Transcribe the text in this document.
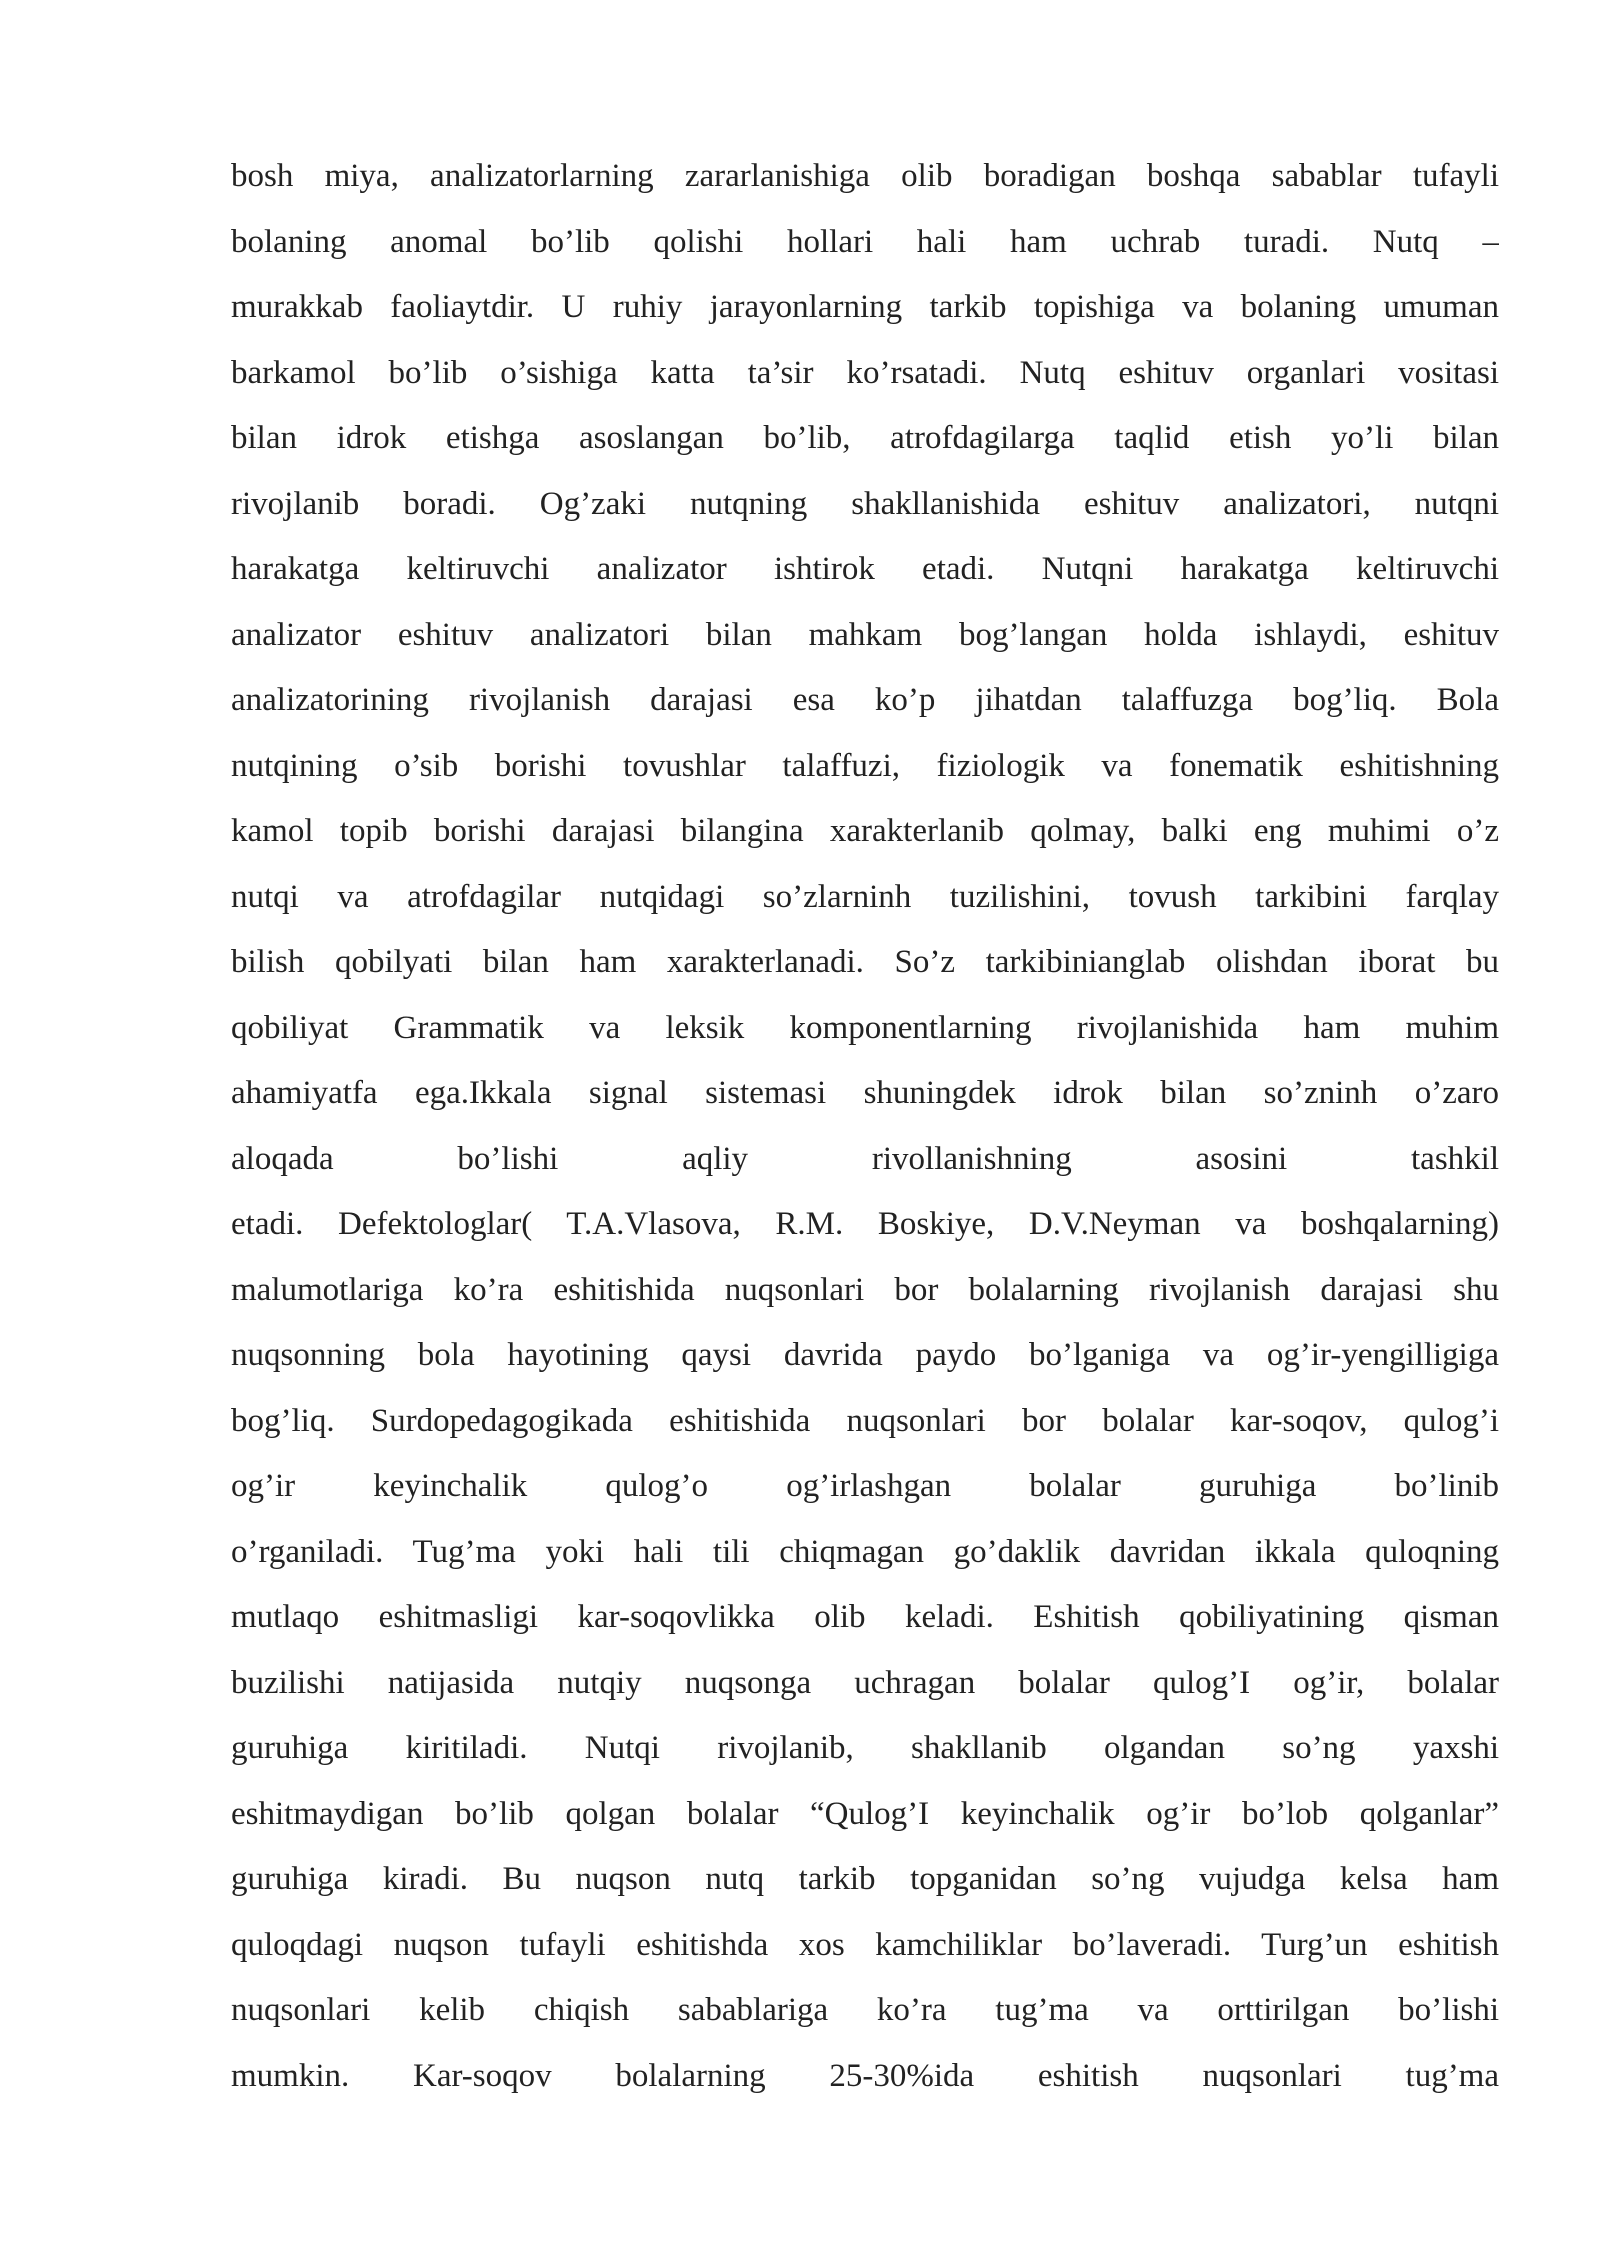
bosh miya, analizatorlarning zararlanishiga olib boradigan boshqa sabablar tufayli
bolaning anomal bo’lib qolishi hollari hali ham uchrab turadi. Nutq –
murakkab faoliaytdir. U ruhiy jarayonlarning tarkib topishiga va bolaning umuman
barkamol bo’lib o’sishiga katta ta’sir ko’rsatadi. Nutq eshituv organlari vositasi
bilan idrok etishga asoslangan bo’lib, atrofdagilarga taqlid etish yo’li bilan
rivojlanib boradi. Og’zaki nutqning shakllanishida eshituv analizatori, nutqni
harakatga keltiruvchi analizator ishtirok etadi. Nutqni harakatga keltiruvchi
analizator eshituv analizatori bilan mahkam bog’langan holda ishlaydi, eshituv
analizatorining rivojlanish darajasi esa ko’p jihatdan talaffuzga bog’liq. Bola
nutqining o’sib borishi tovushlar talaffuzi, fiziologik va fonematik eshitishning
kamol topib borishi darajasi bilangina xarakterlanib qolmay, balki eng muhimi o’z
nutqi va atrofdagilar nutqidagi so’zlarninh tuzilishini, tovush tarkibini farqlay
bilish qobilyati bilan ham xarakterlanadi. So’z tarkibinianglab olishdan iborat bu
qobiliyat Grammatik va leksik komponentlarning rivojlanishida ham muhim
ahamiyatfa ega.Ikkala signal sistemasi shuningdek idrok bilan so’zninh o’zaro
aloqada bo’lishi aqliy rivollanishning asosini tashkil
etadi. Defektologlar( T.A.Vlasova, R.M. Boskiye, D.V.Neyman va boshqalarning)
malumotlariga ko’ra eshitishida nuqsonlari bor bolalarning rivojlanish darajasi shu
nuqsonning bola hayotining qaysi davrida paydo bo’lganiga va og’ir-yengilligiga
bog’liq. Surdopedagogikada eshitishida nuqsonlari bor bolalar kar-soqov, qulog’i
og’ir keyinchalik qulog’o og’irlashgan bolalar guruhiga bo’linib
o’rganiladi. Tug’ma yoki hali tili chiqmagan go’daklik davridan ikkala quloqning
mutlaqo eshitmasligi kar-soqovlikka olib keladi. Eshitish qobiliyatining qisman
buzilishi natijasida nutqiy nuqsonga uchragan bolalar qulog’I og’ir, bolalar
guruhiga kiritiladi. Nutqi rivojlanib, shakllanib olgandan so’ng yaxshi
eshitmaydigan bo’lib qolgan bolalar “Qulog’I keyinchalik og’ir bo’lob qolganlar”
guruhiga kiradi. Bu nuqson nutq tarkib topganidan so’ng vujudga kelsa ham
quloqdagi nuqson tufayli eshitishda xos kamchiliklar bo’laveradi. Turg’un eshitish
nuqsonlari kelib chiqish sabablariga ko’ra tug’ma va orttirilgan bo’lishi
mumkin. Kar-soqov bolalarning 25-30%ida eshitish nuqsonlari tug’ma
